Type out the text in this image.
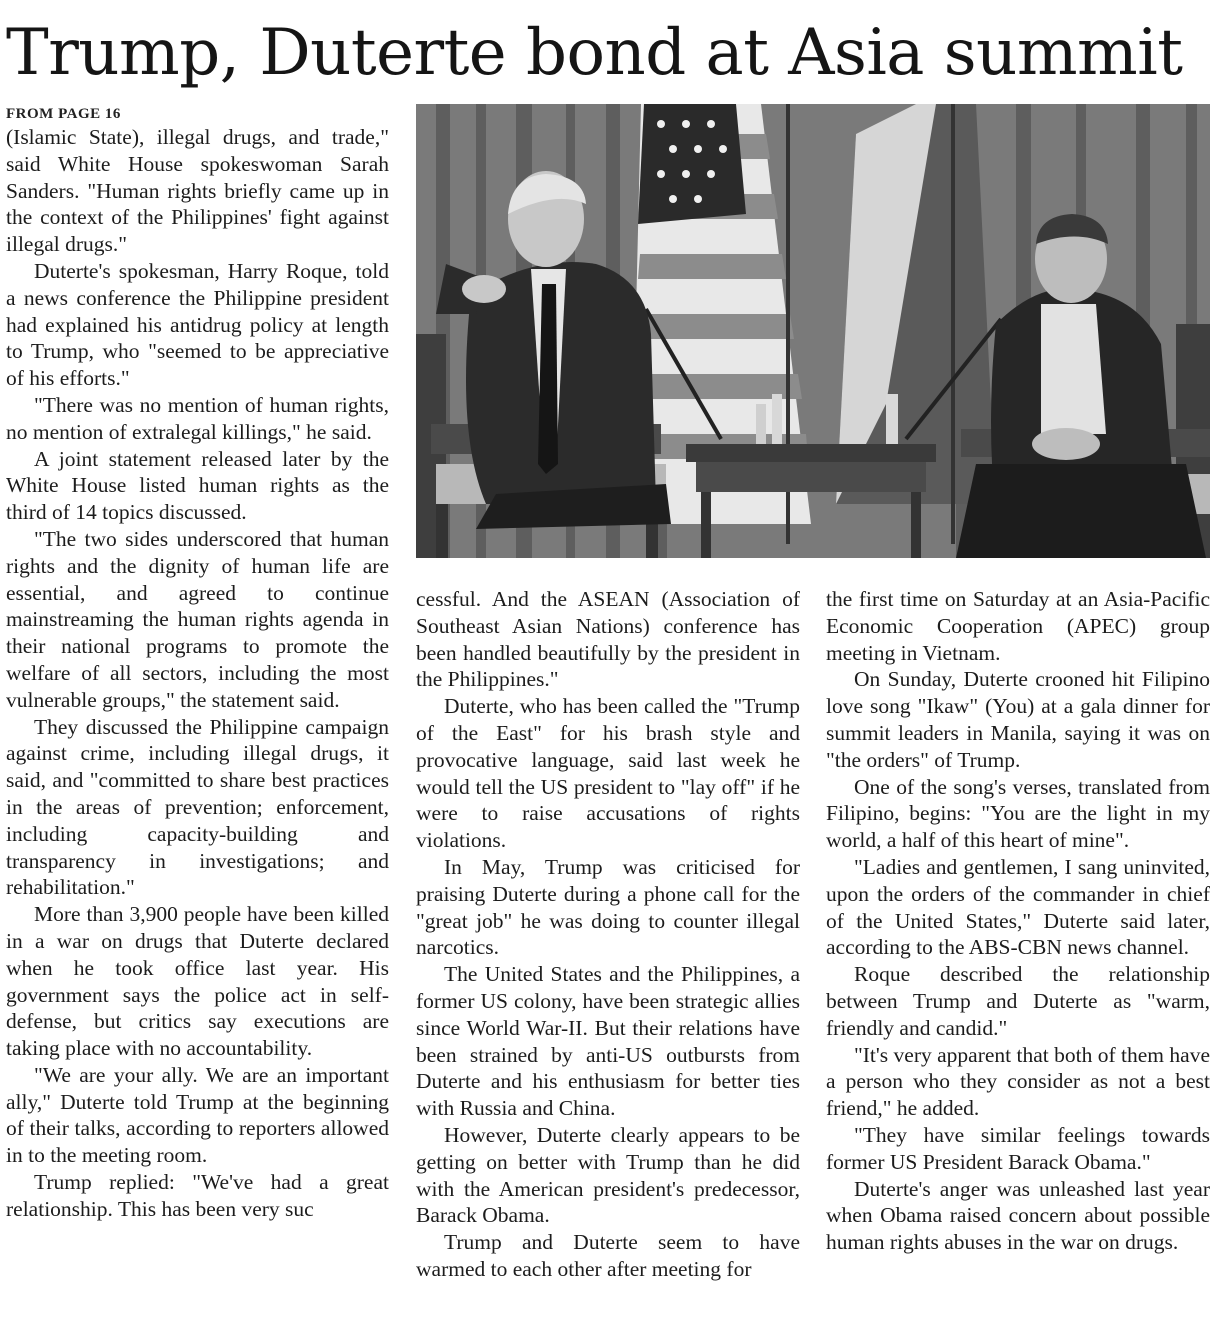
Trump, Duterte bond at Asia summit
FROM PAGE 16

(Islamic State), illegal drugs, and trade," said White House spokeswoman Sarah Sanders. "Human rights briefly came up in the context of the Philippines' fight against illegal drugs."

Duterte's spokesman, Harry Roque, told a news conference the Philippine president had explained his antidrug policy at length to Trump, who "seemed to be appreciative of his efforts."

"There was no mention of human rights, no mention of extralegal killings," he said.

A joint statement released later by the White House listed human rights as the third of 14 topics discussed.

"The two sides underscored that human rights and the dignity of human life are essential, and agreed to continue mainstreaming the human rights agenda in their national programs to promote the welfare of all sectors, including the most vulnerable groups," the statement said.

They discussed the Philippine campaign against crime, including illegal drugs, it said, and "committed to share best practices in the areas of prevention; enforcement, including capacity-building and transparency in investigations; and rehabilitation."

More than 3,900 people have been killed in a war on drugs that Duterte declared when he took office last year. His government says the police act in self-defense, but critics say executions are taking place with no accountability.

"We are your ally. We are an important ally," Duterte told Trump at the beginning of their talks, according to reporters allowed in to the meeting room.

Trump replied: "We've had a great relationship. This has been very suc

cessful. And the ASEAN (Association of Southeast Asian Nations) conference has been handled beautifully by the president in the Philippines."

Duterte, who has been called the "Trump of the East" for his brash style and provocative language, said last week he would tell the US president to "lay off" if he were to raise accusations of rights violations.

In May, Trump was criticised for praising Duterte during a phone call for the "great job" he was doing to counter illegal narcotics.

The United States and the Philippines, a former US colony, have been strategic allies since World War-II. But their relations have been strained by anti-US outbursts from Duterte and his enthusiasm for better ties with Russia and China.

However, Duterte clearly appears to be getting on better with Trump than he did with the American president's predecessor, Barack Obama.

Trump and Duterte seem to have warmed to each other after meeting for

the first time on Saturday at an Asia-Pacific Economic Cooperation (APEC) group meeting in Vietnam.

On Sunday, Duterte crooned hit Filipino love song "Ikaw" (You) at a gala dinner for summit leaders in Manila, saying it was on "the orders" of Trump.

One of the song's verses, translated from Filipino, begins: "You are the light in my world, a half of this heart of mine".

"Ladies and gentlemen, I sang uninvited, upon the orders of the commander in chief of the United States," Duterte said later, according to the ABS-CBN news channel.

Roque described the relationship between Trump and Duterte as "warm, friendly and candid."

"It's very apparent that both of them have a person who they consider as not a best friend," he added.

"They have similar feelings towards former US President Barack Obama."

Duterte's anger was unleashed last year when Obama raised concern about possible human rights abuses in the war on drugs.
